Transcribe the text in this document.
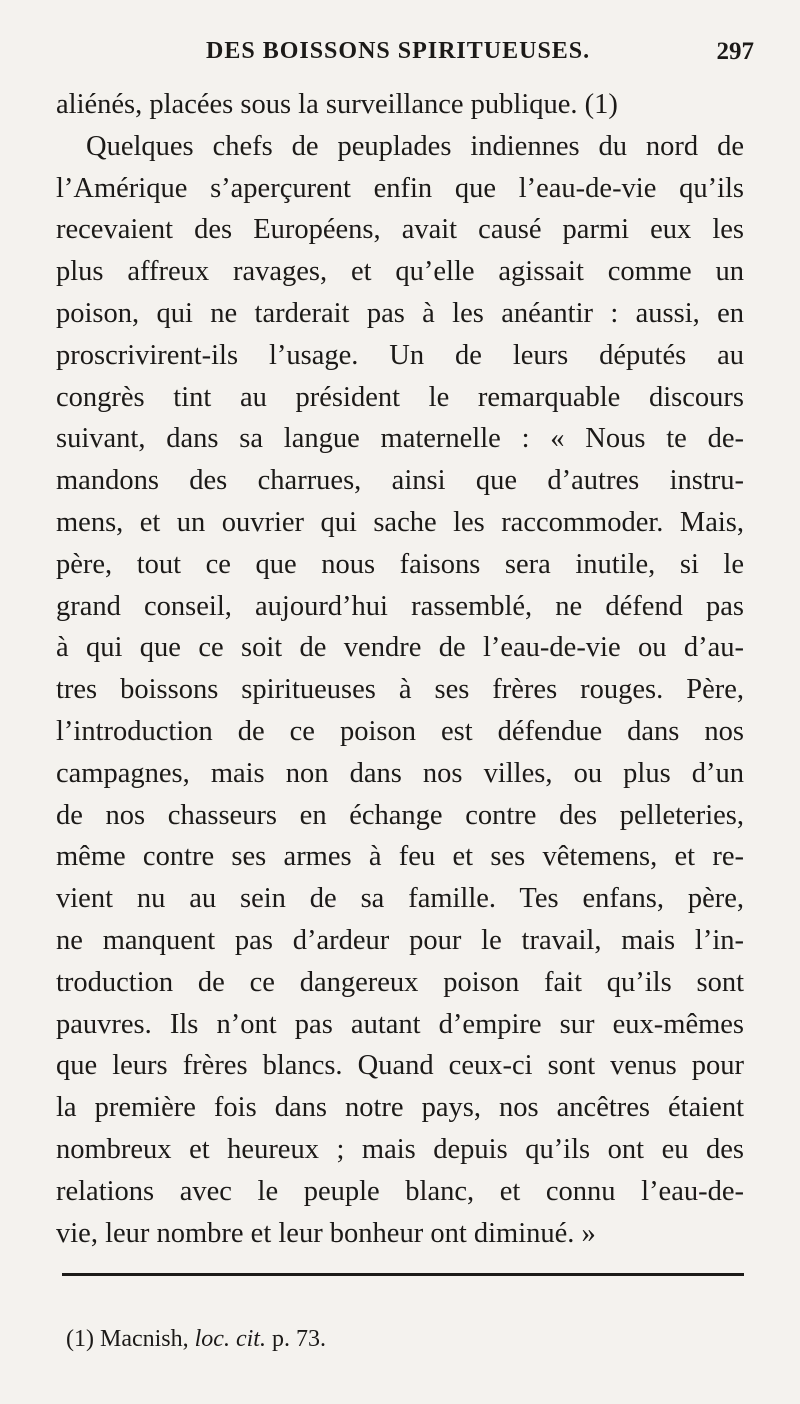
DES BOISSONS SPIRITUEUSES.	297
aliénés, placées sous la surveillance publique. (1)
Quelques chefs de peuplades indiennes du nord de
l’Amérique s’aperçurent enfin que l’eau-de-vie qu’ils
recevaient des Européens, avait causé parmi eux les
plus affreux ravages, et qu’elle agissait comme un
poison, qui ne tarderait pas à les anéantir : aussi, en
proscrivirent-ils l’usage. Un de leurs députés au
congrès tint au président le remarquable discours
suivant, dans sa langue maternelle : « Nous te de-
mandons des charrues, ainsi que d’autres instru-
mens, et un ouvrier qui sache les raccommoder. Mais,
père, tout ce que nous faisons sera inutile, si le
grand conseil, aujourd’hui rassemblé, ne défend pas
à qui que ce soit de vendre de l’eau-de-vie ou d’au-
tres boissons spiritueuses à ses frères rouges. Père,
l’introduction de ce poison est défendue dans nos
campagnes, mais non dans nos villes, ou plus d’un
de nos chasseurs en échange contre des pelleteries,
même contre ses armes à feu et ses vêtemens, et re-
vient nu au sein de sa famille. Tes enfans, père,
ne manquent pas d’ardeur pour le travail, mais l’in-
troduction de ce dangereux poison fait qu’ils sont
pauvres. Ils n’ont pas autant d’empire sur eux-mêmes
que leurs frères blancs. Quand ceux-ci sont venus pour
la première fois dans notre pays, nos ancêtres étaient
nombreux et heureux ; mais depuis qu’ils ont eu des
relations avec le peuple blanc, et connu l’eau-de-
vie, leur nombre et leur bonheur ont diminué. »
(1) Macnish, loc. cit. p. 73.
